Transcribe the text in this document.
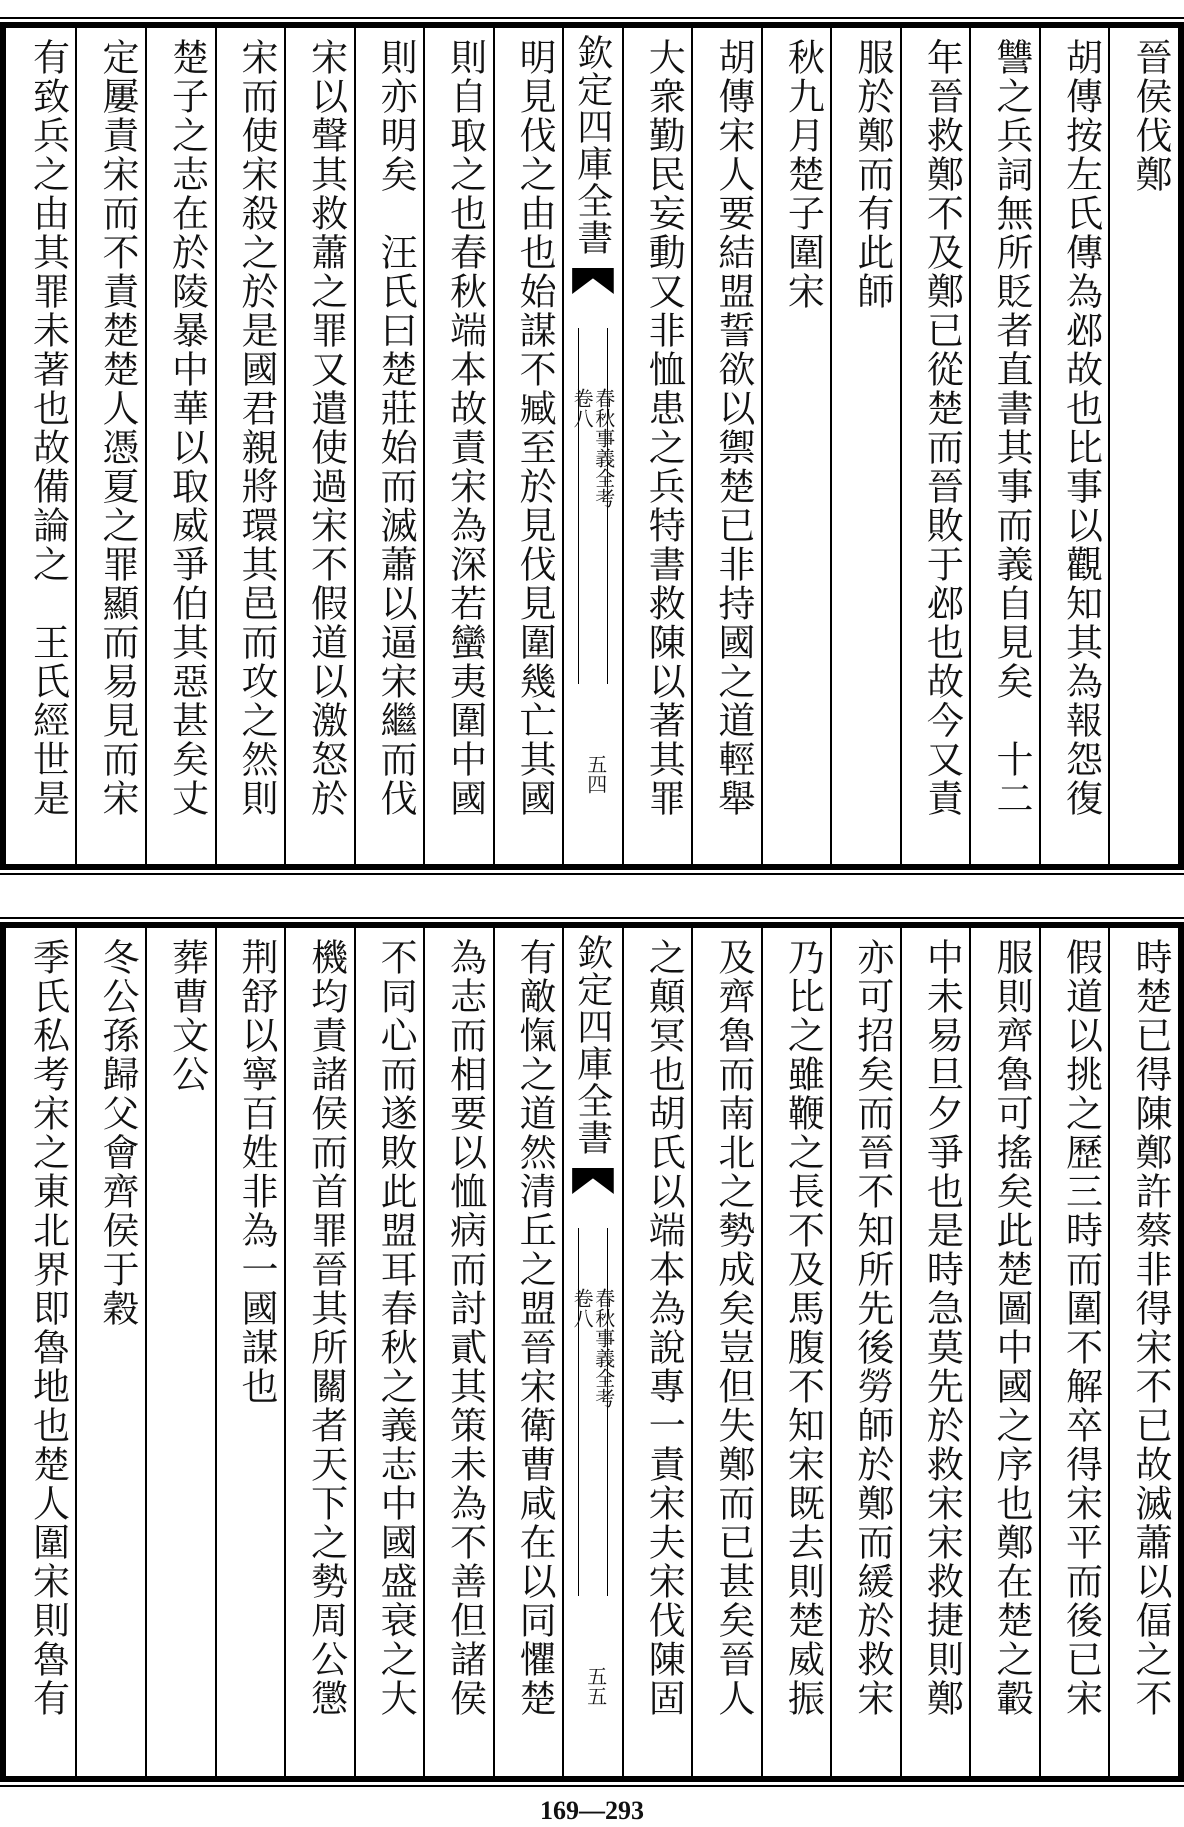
晉侯伐鄭
胡傳按左氏傳為邲故也比事以觀知其為報怨復
讐之兵詞無所貶者直書其事而義自見矣　十二
年晉救鄭不及鄭已從楚而晉敗于邲也故今又責
服於鄭而有此師
秋九月楚子圍宋
胡傳宋人要結盟誓欲以禦楚已非持國之道輕舉
大衆勤民妄動又非恤患之兵特書救陳以著其罪
欽定四庫全書
春秋事義全考
卷八
五四
明見伐之由也始謀不臧至於見伐見圍幾亡其國
則自取之也春秋端本故責宋為深若蠻夷圍中國
則亦明矣　汪氏曰楚莊始而滅蕭以逼宋繼而伐
宋以聲其救蕭之罪又遣使過宋不假道以激怒於
宋而使宋殺之於是國君親將環其邑而攻之然則
楚子之志在於陵暴中華以取威爭伯其惡甚矣丈
定屢責宋而不責楚楚人憑夏之罪顯而易見而宋
有致兵之由其罪未著也故備論之　王氏經世是
時楚已得陳鄭許蔡非得宋不已故滅蕭以偪之不
假道以挑之歷三時而圍不解卒得宋平而後已宋
服則齊魯可搖矣此楚圖中國之序也鄭在楚之轂
中未易旦夕爭也是時急莫先於救宋宋救捷則鄭
亦可招矣而晉不知所先後勞師於鄭而緩於救宋
乃比之雖鞭之長不及馬腹不知宋既去則楚威振
及齊魯而南北之勢成矣豈但失鄭而已甚矣晉人
之顛冥也胡氏以端本為說專一責宋夫宋伐陳固
欽定四庫全書
春秋事義全考
卷八
五五
有敵愾之道然清丘之盟晉宋衛曹咸在以同懼楚
為志而相要以恤病而討貳其策未為不善但諸侯
不同心而遂敗此盟耳春秋之義志中國盛衰之大
機均責諸侯而首罪晉其所關者天下之勢周公懲
荆舒以寧百姓非為一國謀也
葬曹文公
冬公孫歸父會齊侯于穀
季氏私考宋之東北界即魯地也楚人圍宋則魯有
169—293
